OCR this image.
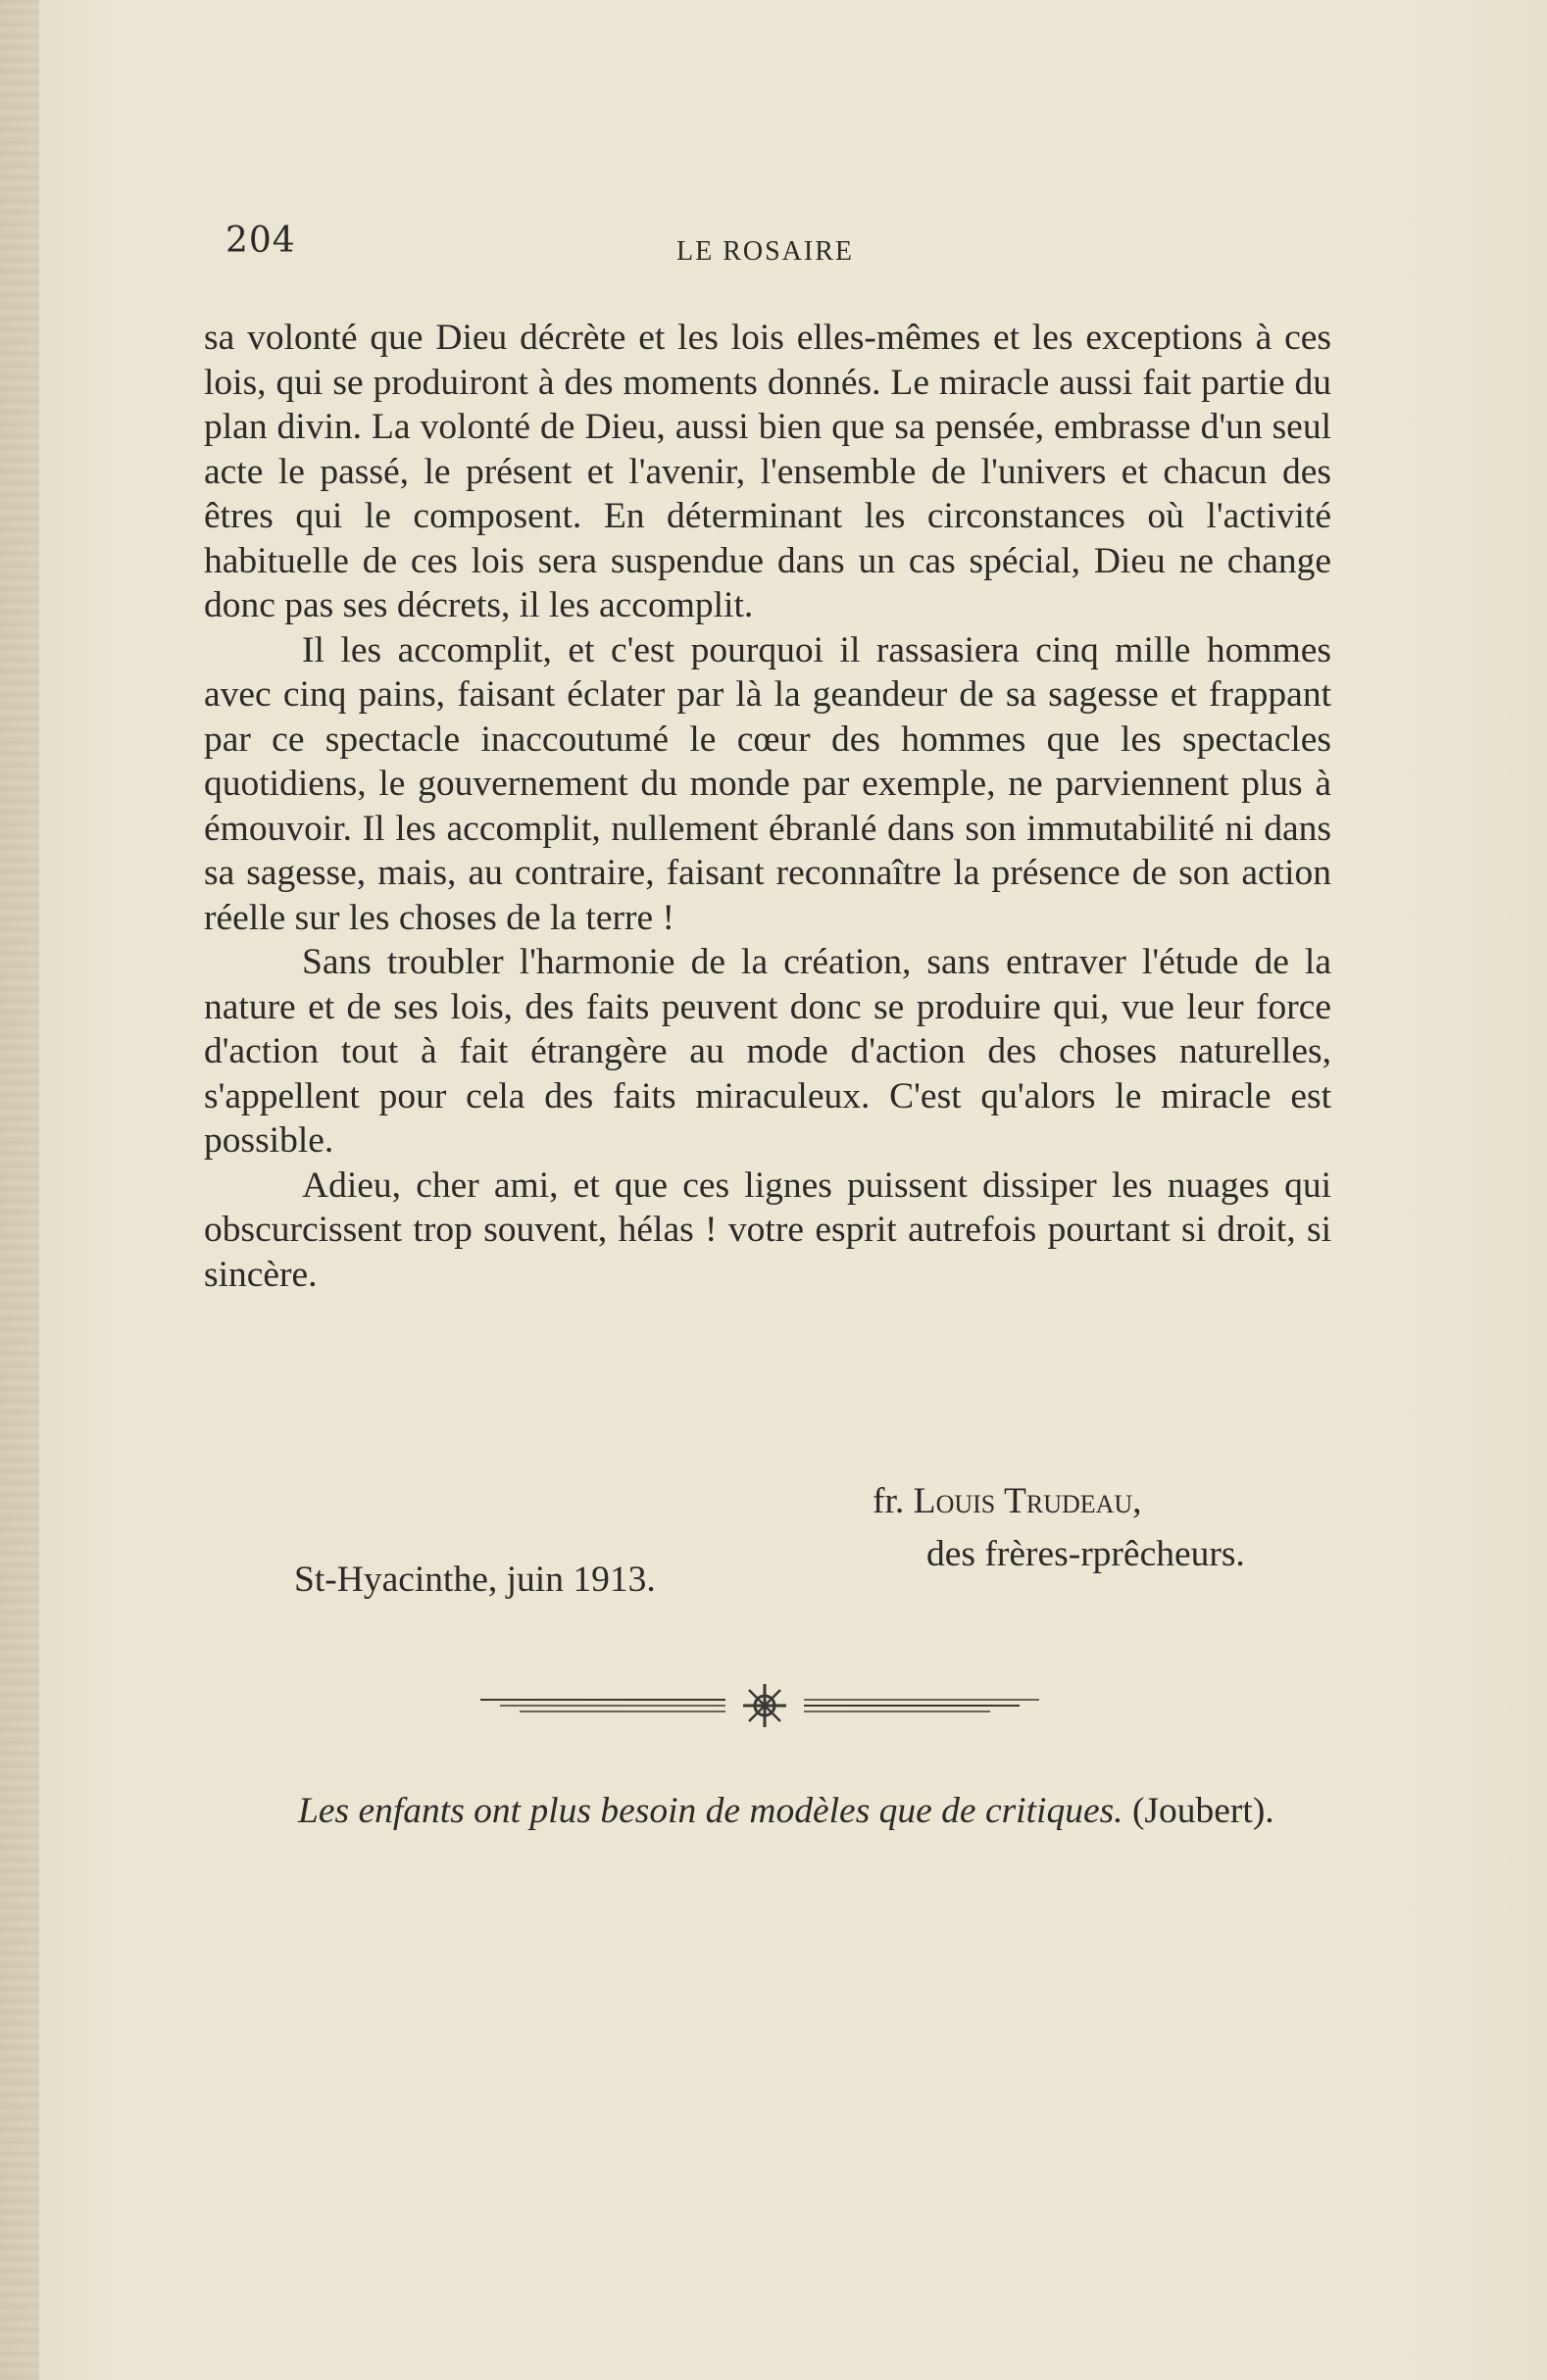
204	LE ROSAIRE

sa volonté que Dieu décrète et les lois elles-mêmes et les exceptions à ces lois, qui se produiront à des moments donnés. Le miracle aussi fait partie du plan divin. La volonté de Dieu, aussi bien que sa pensée, embrasse d'un seul acte le passé, le présent et l'avenir, l'ensemble de l'univers et chacun des êtres qui le composent. En déterminant les circonstances où l'activité habituelle de ces lois sera suspendue dans un cas spécial, Dieu ne change donc pas ses décrets, il les accomplit.

Il les accomplit, et c'est pourquoi il rassasiera cinq mille hommes avec cinq pains, faisant éclater par là la geandeur de sa sagesse et frappant par ce spectacle inaccoutumé le cœur des hommes que les spectacles quotidiens, le gouvernement du monde par exemple, ne parviennent plus à émouvoir. Il les accomplit, nullement ébranlé dans son immutabilité ni dans sa sagesse, mais, au contraire, faisant reconnaître la présence de son action réelle sur les choses de la terre !

Sans troubler l'harmonie de la création, sans entraver l'étude de la nature et de ses lois, des faits peuvent donc se produire qui, vue leur force d'action tout à fait étrangère au mode d'action des choses naturelles, s'appellent pour cela des faits miraculeux. C'est qu'alors le miracle est possible.

Adieu, cher ami, et que ces lignes puissent dissiper les nuages qui obscurcissent trop souvent, hélas ! votre esprit autrefois pourtant si droit, si sincère.

fr. Louis Trudeau,
des frères-rprêcheurs.
St-Hyacinthe, juin 1913.
Les enfants ont plus besoin de modèles que de critiques. (Joubert).
